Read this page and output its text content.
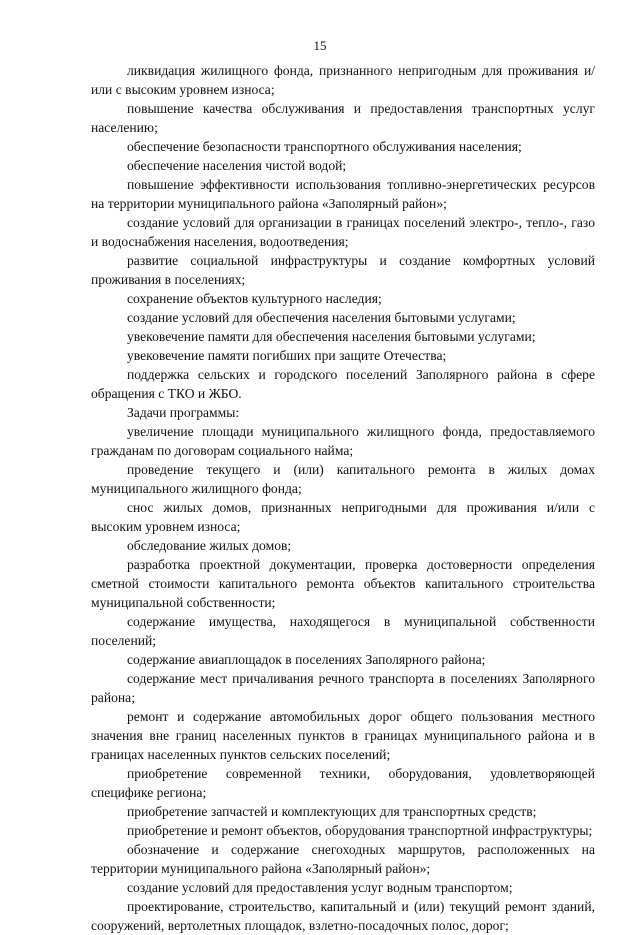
15

ликвидация жилищного фонда, признанного непригодным для проживания и/или с высоким уровнем износа;

повышение качества обслуживания и предоставления транспортных услуг населению;

обеспечение безопасности транспортного обслуживания населения;

обеспечение населения чистой водой;

повышение эффективности использования топливно-энергетических ресурсов на территории муниципального района «Заполярный район»;

создание условий для организации в границах поселений электро-, тепло-, газо и водоснабжения населения, водоотведения;

развитие социальной инфраструктуры и создание комфортных условий проживания в поселениях;

сохранение объектов культурного наследия;

создание условий для обеспечения населения бытовыми услугами;

увековечение памяти для обеспечения населения бытовыми услугами;

увековечение памяти погибших при защите Отечества;

поддержка сельских и городского поселений Заполярного района в сфере обращения с ТКО и ЖБО.

Задачи программы:

увеличение площади муниципального жилищного фонда, предоставляемого гражданам по договорам социального найма;

проведение текущего и (или) капитального ремонта в жилых домах муниципального жилищного фонда;

снос жилых домов, признанных непригодными для проживания и/или с высоким уровнем износа;

обследование жилых домов;

разработка проектной документации, проверка достоверности определения сметной стоимости капитального ремонта объектов капитального строительства муниципальной собственности;

содержание имущества, находящегося в муниципальной собственности поселений;

содержание авиаплощадок в поселениях Заполярного района;

содержание мест причаливания речного транспорта в поселениях Заполярного района;

ремонт и содержание автомобильных дорог общего пользования местного значения вне границ населенных пунктов в границах муниципального района и в границах населенных пунктов сельских поселений;

приобретение современной техники, оборудования, удовлетворяющей специфике региона;

приобретение запчастей и комплектующих для транспортных средств;

приобретение и ремонт объектов, оборудования транспортной инфраструктуры;

обозначение и содержание снегоходных маршрутов, расположенных на территории муниципального района «Заполярный район»;

создание условий для предоставления услуг водным транспортом;

проектирование, строительство, капитальный и (или) текущий ремонт зданий, сооружений, вертолетных площадок, взлетно-посадочных полос, дорог;
